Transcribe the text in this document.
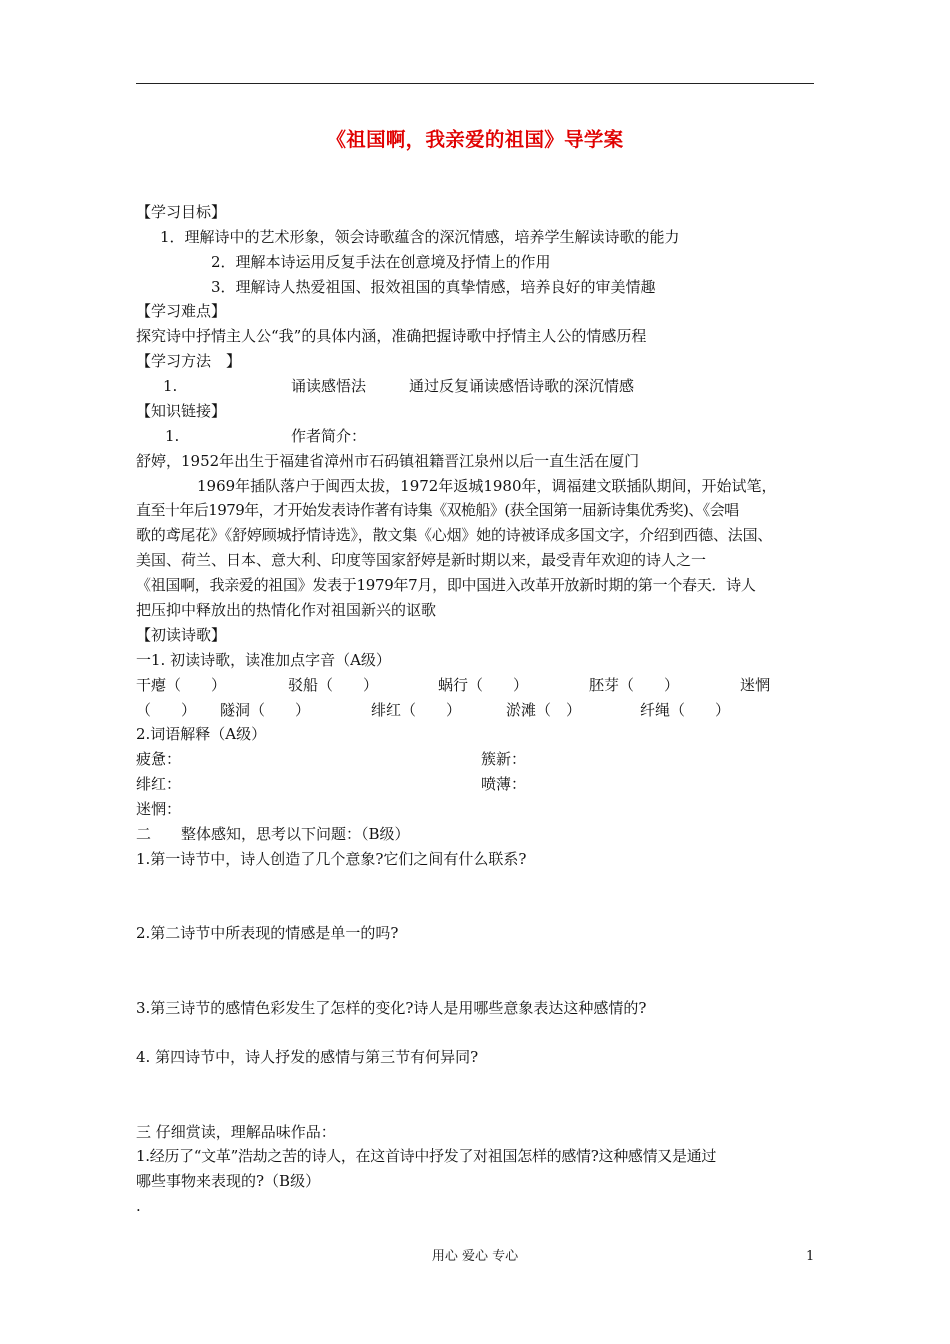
《祖国啊，我亲爱的祖国》导学案
【学习目标】
1．理解诗中的艺术形象，领会诗歌蕴含的深沉情感，培养学生解读诗歌的能力
2．理解本诗运用反复手法在创意境及抒情上的作用
3．理解诗人热爱祖国、报效祖国的真挚情感，培养良好的审美情趣
【学习难点】
探究诗中抒情主人公“我”的具体内涵，准确把握诗歌中抒情主人公的情感历程
【学习方法　】
1.	诵读感悟法	通过反复诵读感悟诗歌的深沉情感
【知识链接】
1.	作者简介：
舒婷，1952年出生于福建省漳州市石码镇祖籍晋江泉州以后一直生活在厦门
1969年插队落户于闽西太拔，1972年返城1980年，调福建文联插队期间，开始试笔，
直至十年后1979年，才开始发表诗作著有诗集《双桅船》(获全国第一届新诗集优秀奖)、《会唱
歌的鸢尾花》《舒婷顾城抒情诗选》，散文集《心烟》她的诗被译成多国文字，介绍到西德、法国、
美国、荷兰、日本、意大利、印度等国家舒婷是新时期以来，最受青年欢迎的诗人之一
《祖国啊，我亲爱的祖国》发表于1979年7月，即中国进入改革开放新时期的第一个春天．诗人
把压抑中释放出的热情化作对祖国新兴的讴歌
【初读诗歌】
一1. 初读诗歌，读准加点字音（A级）
干瘪（　　）	驳船（　　）	蜗行（　　）	胚芽（　　）	迷惘
（　　） 隧洞（　　）	绯红（　　）	淤滩（　）	纤绳（　　）
2.词语解释（A级）
疲惫：	簇新：
绯红：	喷薄：
迷惘：
二　　整体感知，思考以下问题：（B级）
1.第一诗节中，诗人创造了几个意象?它们之间有什么联系?
2.第二诗节中所表现的情感是单一的吗?
3.第三诗节的感情色彩发生了怎样的变化?诗人是用哪些意象表达这种感情的?
4. 第四诗节中，诗人抒发的感情与第三节有何异同?
三 仔细赏读，理解品味作品：
1.经历了“文革”浩劫之苦的诗人，在这首诗中抒发了对祖国怎样的感情?这种感情又是通过
哪些事物来表现的?（B级）
.
用心 爱心 专心	1
